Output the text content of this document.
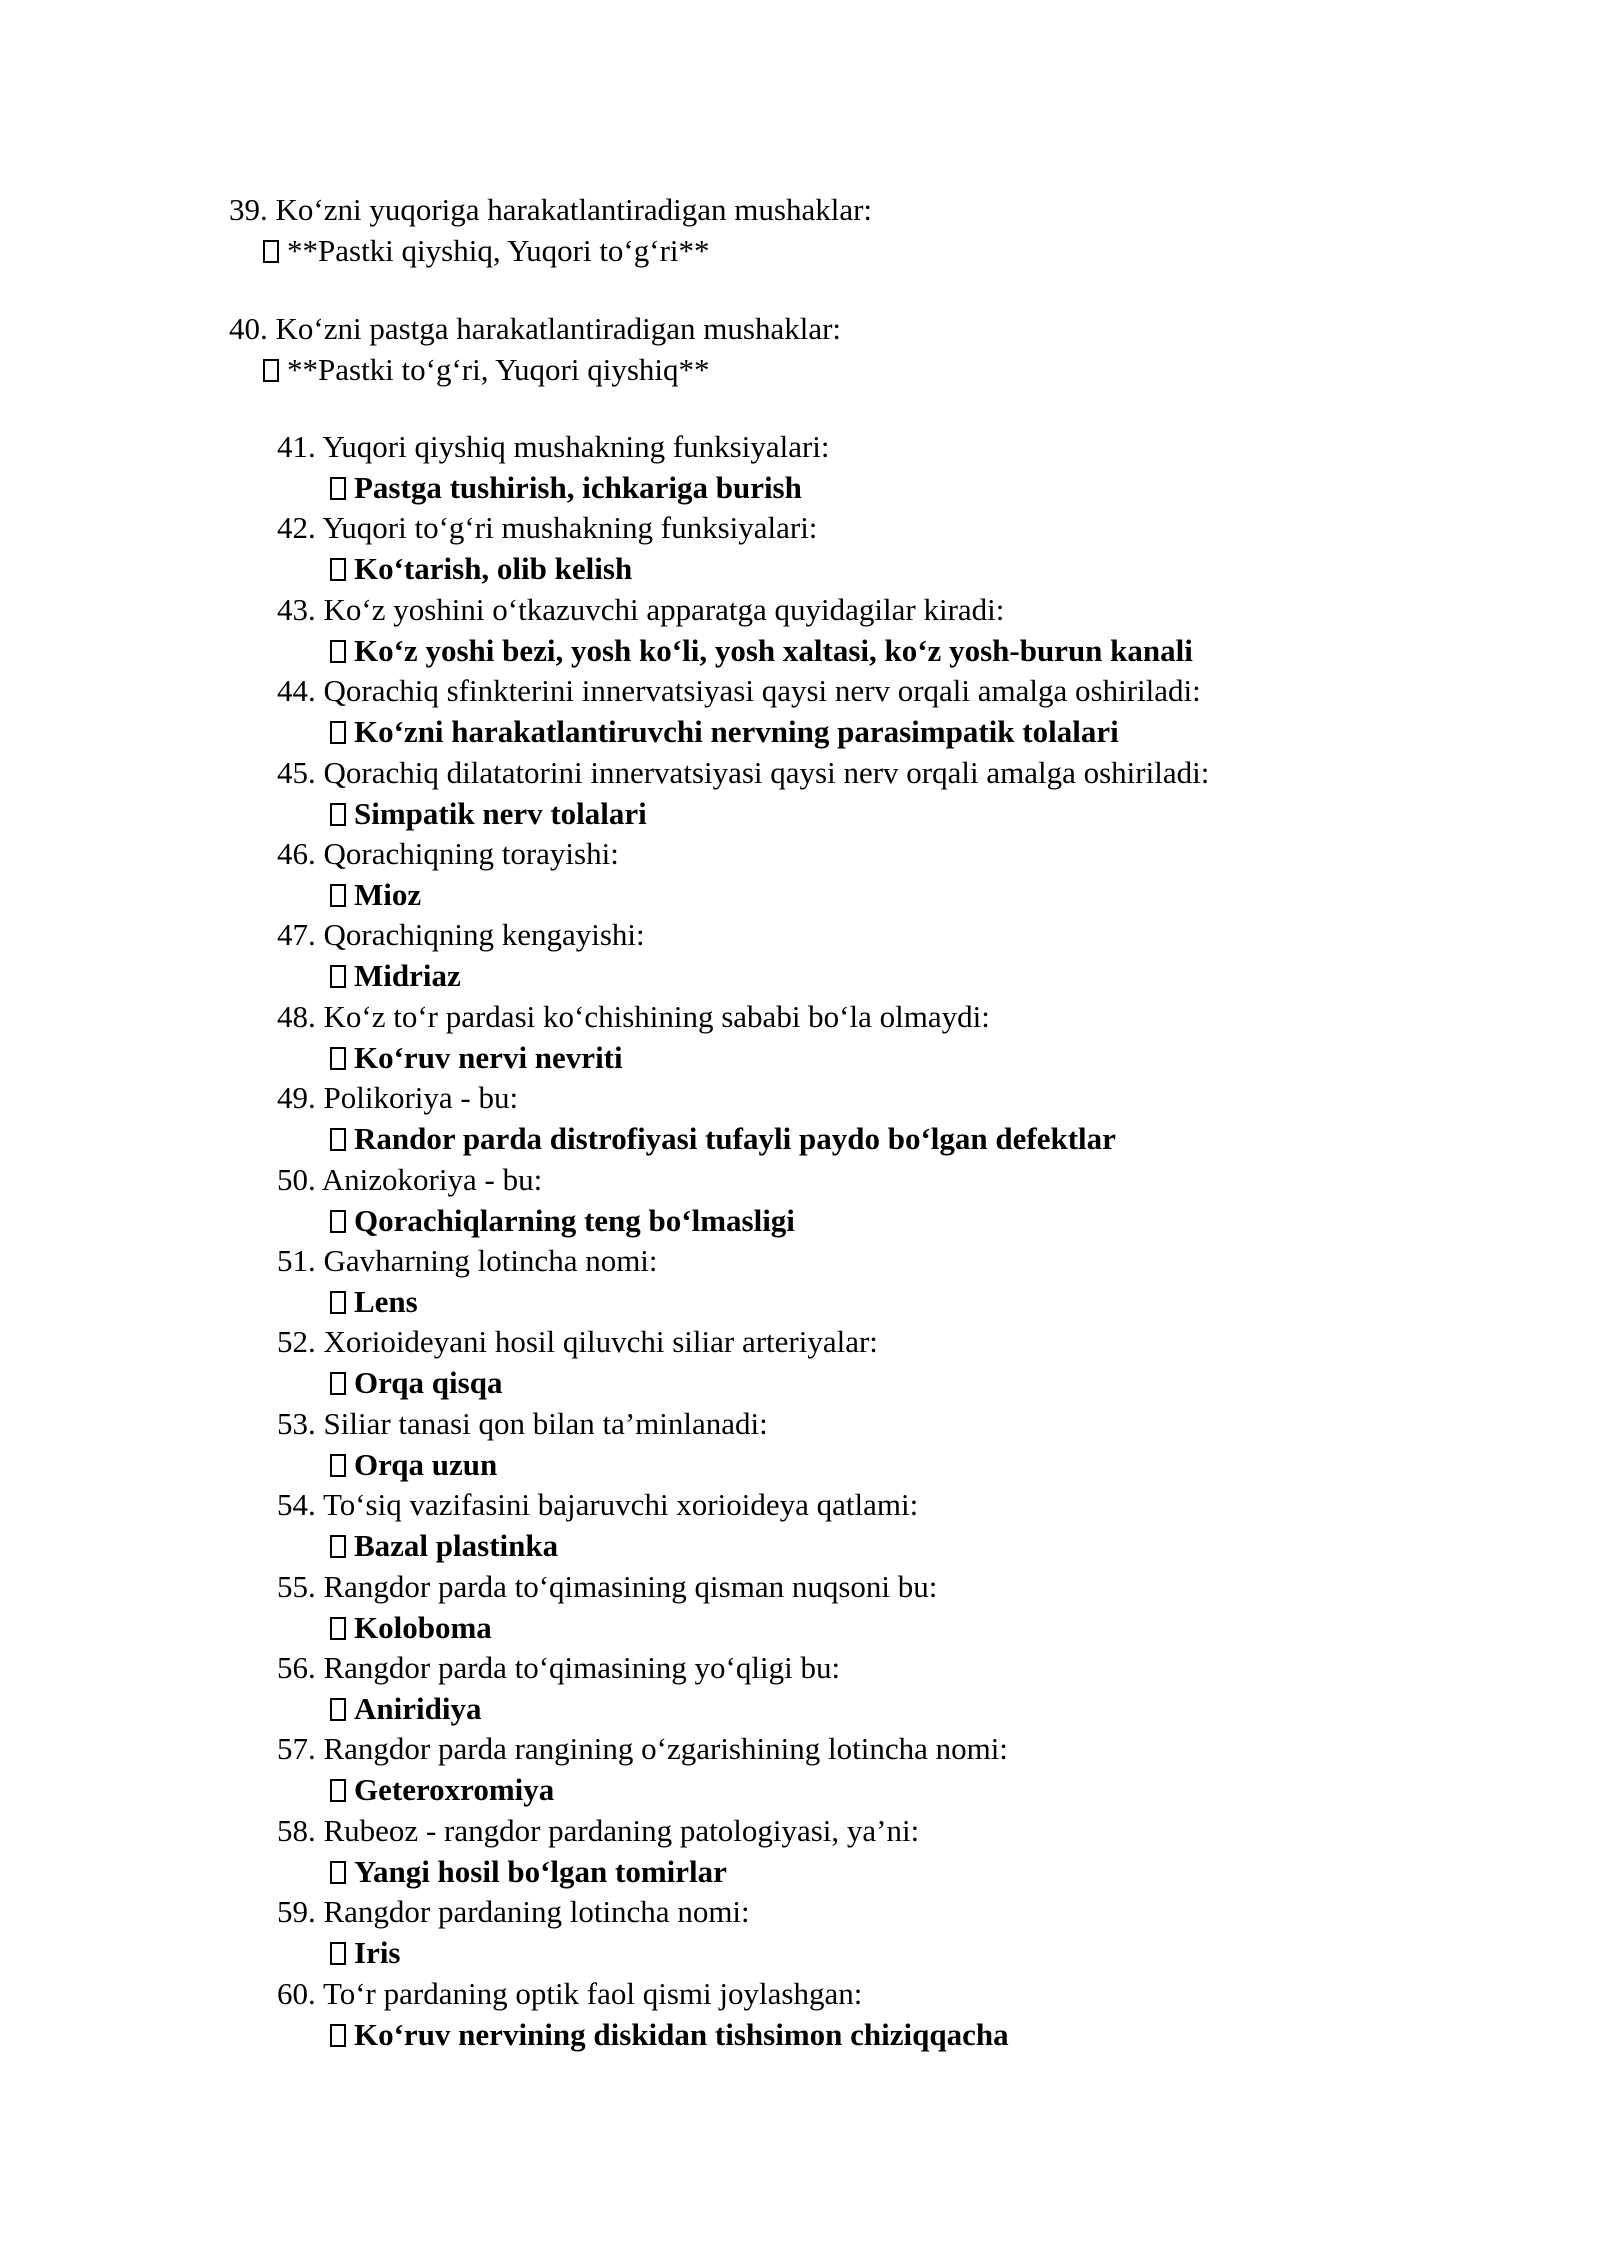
39. Ko‘zni yuqoriga harakatlantiradigan mushaklar:
**Pastki qiyshiq, Yuqori to‘g‘ri**
40. Ko‘zni pastga harakatlantiradigan mushaklar:
**Pastki to‘g‘ri, Yuqori qiyshiq**
41. Yuqori qiyshiq mushakning funksiyalari:
Pastga tushirish, ichkariga burish
42. Yuqori to‘g‘ri mushakning funksiyalari:
Ko‘tarish, olib kelish
43. Ko‘z yoshini o‘tkazuvchi apparatga quyidagilar kiradi:
Ko‘z yoshi bezi, yosh ko‘li, yosh xaltasi, ko‘z yosh-burun kanali
44. Qorachiq sfinkterini innervatsiyasi qaysi nerv orqali amalga oshiriladi:
Ko‘zni harakatlantiruvchi nervning parasimpatik tolalari
45. Qorachiq dilatatorini innervatsiyasi qaysi nerv orqali amalga oshiriladi:
Simpatik nerv tolalari
46. Qorachiqning torayishi:
Mioz
47. Qorachiqning kengayishi:
Midriaz
48. Ko‘z to‘r pardasi ko‘chishining sababi bo‘la olmaydi:
Ko‘ruv nervi nevriti
49. Polikoriya - bu:
Randor parda distrofiyasi tufayli paydo bo‘lgan defektlar
50. Anizokoriya - bu:
Qorachiqlarning teng bo‘lmasligi
51. Gavharning lotincha nomi:
Lens
52. Xorioideyani hosil qiluvchi siliar arteriyalar:
Orqa qisqa
53. Siliar tanasi qon bilan ta’minlanadi:
Orqa uzun
54. To‘siq vazifasini bajaruvchi xorioideya qatlami:
Bazal plastinka
55. Rangdor parda to‘qimasining qisman nuqsoni bu:
Koloboma
56. Rangdor parda to‘qimasining yo‘qligi bu:
Aniridiya
57. Rangdor parda rangining o‘zgarishining lotincha nomi:
Geteroxromiya
58. Rubeoz - rangdor pardaning patologiyasi, ya’ni:
Yangi hosil bo‘lgan tomirlar
59. Rangdor pardaning lotincha nomi:
Iris
60. To‘r pardaning optik faol qismi joylashgan:
Ko‘ruv nervining diskidan tishsimon chiziqqacha
